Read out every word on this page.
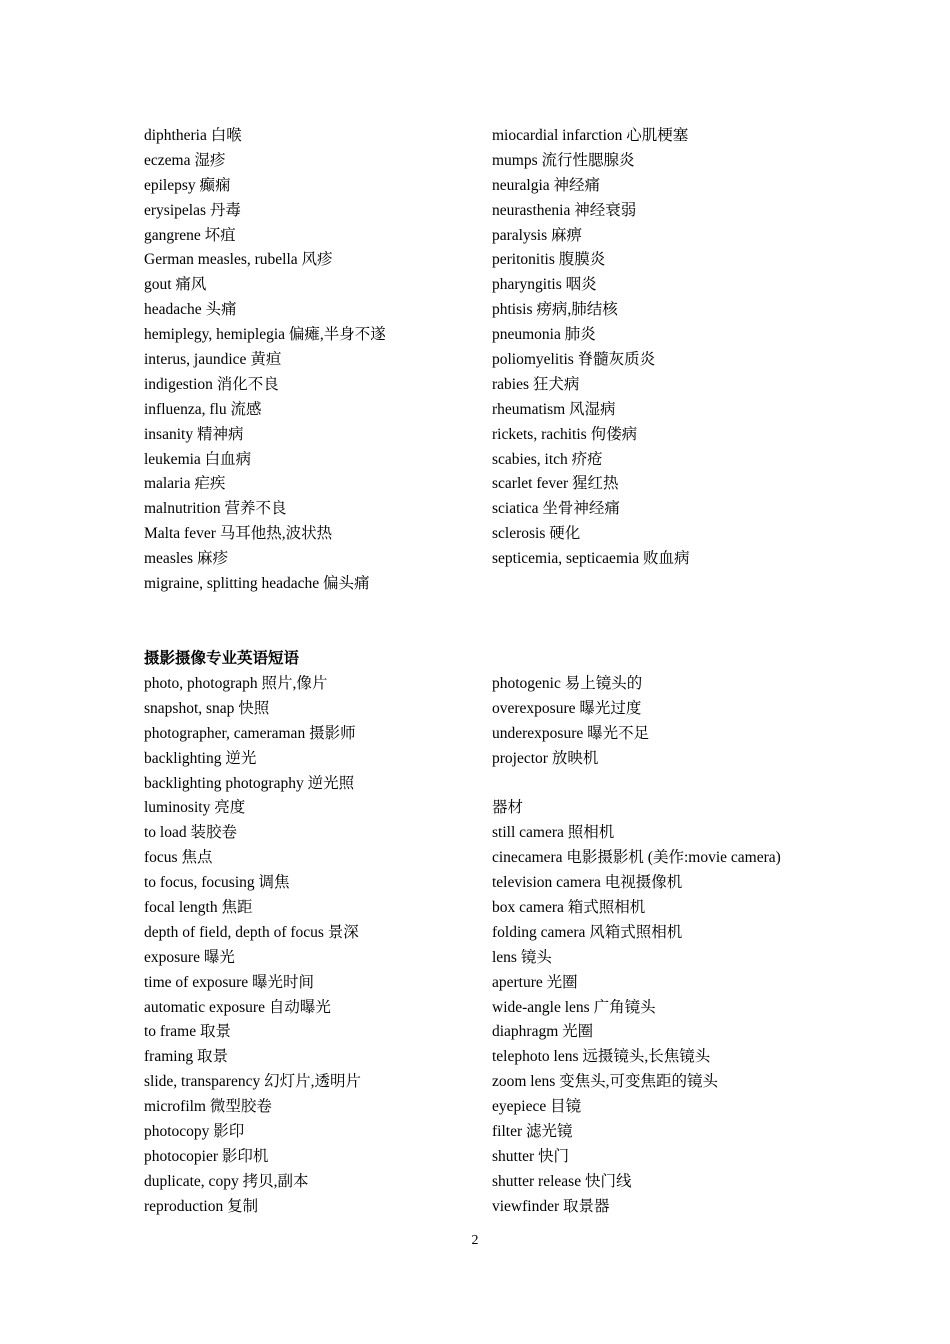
diphtheria 白喉
eczema 湿疹
epilepsy 癫痫
erysipelas 丹毒
gangrene 坏疽
German measles, rubella 风疹
gout 痛风
headache 头痛
hemiplegy, hemiplegia 偏瘫,半身不遂
interus, jaundice 黄疸
indigestion 消化不良
influenza, flu 流感
insanity 精神病
leukemia 白血病
malaria 疟疾
malnutrition 营养不良
Malta fever 马耳他热,波状热
measles 麻疹
migraine, splitting headache 偏头痛
miocardial infarction 心肌梗塞
mumps 流行性腮腺炎
neuralgia 神经痛
neurasthenia 神经衰弱
paralysis 麻痹
peritonitis 腹膜炎
pharyngitis 咽炎
phtisis 痨病,肺结核
pneumonia 肺炎
poliomyelitis 脊髓灰质炎
rabies 狂犬病
rheumatism 风湿病
rickets, rachitis 佝偻病
scabies, itch 疥疮
scarlet fever 猩红热
sciatica 坐骨神经痛
sclerosis 硬化
septicemia, septicaemia 败血病
摄影摄像专业英语短语
photo, photograph 照片,像片
snapshot, snap 快照
photographer, cameraman 摄影师
backlighting 逆光
backlighting photography 逆光照
luminosity 亮度
to load 装胶卷
focus 焦点
to focus, focusing 调焦
focal length 焦距
depth of field, depth of focus 景深
exposure 曝光
time of exposure 曝光时间
automatic exposure 自动曝光
to frame 取景
framing 取景
slide, transparency 幻灯片,透明片
microfilm 微型胶卷
photocopy 影印
photocopier 影印机
duplicate, copy 拷贝,副本
reproduction 复制
photogenic 易上镜头的
overexposure 曝光过度
underexposure 曝光不足
projector 放映机
器材
still camera 照相机
cinecamera 电影摄影机 (美作:movie camera)
television camera 电视摄像机
box camera 箱式照相机
folding camera 风箱式照相机
lens 镜头
aperture 光圈
wide-angle lens 广角镜头
diaphragm 光圈
telephoto lens 远摄镜头,长焦镜头
zoom lens 变焦头,可变焦距的镜头
eyepiece 目镜
filter 滤光镜
shutter 快门
shutter release 快门线
viewfinder 取景器
2
